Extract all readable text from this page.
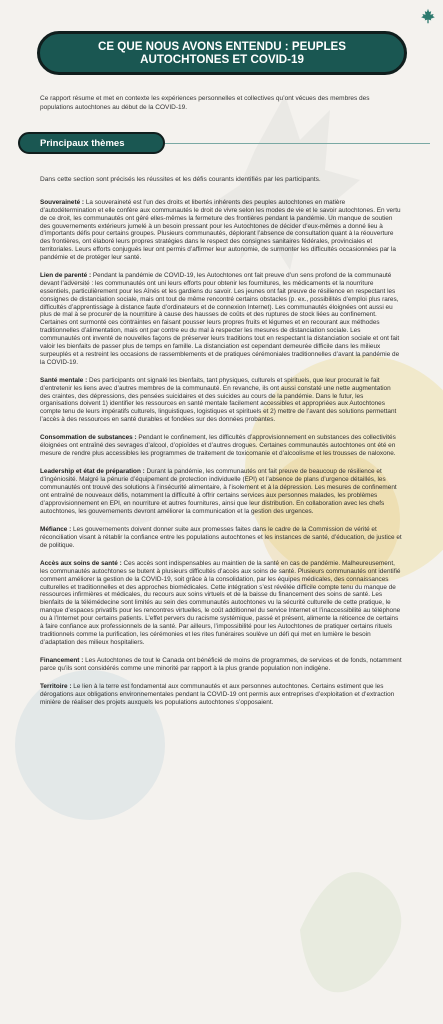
CE QUE NOUS AVONS ENTENDU : PEUPLES
AUTOCHTONES ET COVID-19
Ce rapport résume et met en contexte les expériences personnelles et collectives qu’ont vécues des membres des populations autochtones au début de la COVID-19.
Principaux thèmes
Dans cette section sont précisés les réussites et les défis courants identifiés par les participants.

Souveraineté : La souveraineté est l’un des droits et libertés inhérents des peuples autochtones en matière d’autodétermination et elle confère aux communautés le droit de vivre selon les modes de vie et le savoir autochtones. En vertu de ce droit, les communautés ont géré elles-mêmes la fermeture des frontières pendant la pandémie. Un manque de soutien des gouvernements extérieurs jumelé à un besoin pressant pour les Autochtones de décider d’eux-mêmes a donné lieu à d’importants défis pour certains groupes. Plusieurs communautés, déplorant l’absence de consultation quant à la réouverture des frontières, ont élaboré leurs propres stratégies dans le respect des consignes sanitaires fédérales, provinciales et territoriales. Leurs efforts conjugués leur ont permis d’affirmer leur autonomie, de surmonter les difficultés occasionnées par la pandémie et de protéger leur santé.

Lien de parenté : Pendant la pandémie de COVID-19, les Autochtones ont fait preuve d’un sens profond de la communauté devant l’adversité : les communautés ont uni leurs efforts pour obtenir les fournitures, les médicaments et la nourriture essentiels, particulièrement pour les Aînés et les gardiens du savoir. Les jeunes ont fait preuve de résilience en respectant les consignes de distanciation sociale, mais ont tout de même rencontré certains obstacles (p. ex., possibilités d’emploi plus rares, difficultés d’apprentissage à distance faute d’ordinateurs et de connexion Internet). Les communautés éloignées ont aussi eu plus de mal à se procurer de la nourriture à cause des hausses de coûts et des ruptures de stock liées au confinement. Certaines ont surmonté ces contraintes en faisant pousser leurs propres fruits et légumes et en recourant aux méthodes traditionnelles d’alimentation, mais ont par contre eu du mal à respecter les mesures de distanciation sociale. Les communautés ont inventé de nouvelles façons de préserver leurs traditions tout en respectant la distanciation sociale et ont fait valoir les bienfaits de passer plus de temps en famille. La distanciation est cependant demeurée difficile dans les milieux surpeuplés et a restreint les occasions de rassemblements et de pratiques cérémoniales traditionnelles d’avant la pandémie de la COVID-19.

Santé mentale : Des participants ont signalé les bienfaits, tant physiques, culturels et spirituels, que leur procurait le fait d’entretenir les liens avec d’autres membres de la communauté. En revanche, ils ont aussi constaté une nette augmentation des craintes, des dépressions, des pensées suicidaires et des suicides au cours de la pandémie. Dans le futur, les organisations doivent 1) identifier les ressources en santé mentale facilement accessibles et appropriées aux Autochtones compte tenu de leurs impératifs culturels, linguistiques, logistiques et spirituels et 2) mettre de l’avant des solutions permettant l’accès à des ressources en santé durables et fondées sur des données probantes.

Consommation de substances : Pendant le confinement, les difficultés d’approvisionnement en substances des collectivités éloignées ont entraîné des sevrages d’alcool, d’opioïdes et d’autres drogues. Certaines communautés autochtones ont été en mesure de rendre plus accessibles les programmes de traitement de toxicomanie et d’alcoolisme et les trousses de naloxone.

Leadership et état de préparation : Durant la pandémie, les communautés ont fait preuve de beaucoup de résilience et d’ingéniosité. Malgré la pénurie d’équipement de protection individuelle (EPI) et l’absence de plans d’urgence détaillés, les communautés ont trouvé des solutions à l’insécurité alimentaire, à l’isolement et à la dépression. Les mesures de confinement ont entraîné de nouveaux défis, notamment la difficulté à offrir certains services aux personnes malades, les problèmes d’approvisionnement en EPI, en nourriture et autres fournitures, ainsi que leur distribution. En collaboration avec les chefs autochtones, les gouvernements devront améliorer la communication et la gestion des urgences.

Méfiance : Les gouvernements doivent donner suite aux promesses faites dans le cadre de la Commission de vérité et réconciliation visant à rétablir la confiance entre les populations autochtones et les instances de santé, d’éducation, de justice et de politique.

Accès aux soins de santé : Ces accès sont indispensables au maintien de la santé en cas de pandémie. Malheureusement, les communautés autochtones se butent à plusieurs difficultés d’accès aux soins de santé. Plusieurs communautés ont identifié comment améliorer la gestion de la COVID-19, soit grâce à la consolidation, par les équipes médicales, des connaissances culturelles et traditionnelles et des approches biomédicales. Cette intégration s’est révélée difficile compte tenu du manque de ressources infirmières et médicales, du recours aux soins virtuels et de la baisse du financement des soins de santé. Les bienfaits de la télémédecine sont limités au sein des communautés autochtones vu la sécurité culturelle de cette pratique, le manque d’espaces privatifs pour les rencontres virtuelles, le coût additionnel du service Internet et l’inaccessibilité au téléphone ou à l’Internet pour certains patients. L’effet pervers du racisme systémique, passé et présent, alimente la réticence de certains à faire confiance aux professionnels de la santé. Par ailleurs, l’impossibilité pour les Autochtones de pratiquer certains rituels traditionnels comme la purification, les cérémonies et les rites funéraires soulève un défi qui met en lumière le besoin d’adaptation des milieux hospitaliers.

Financement : Les Autochtones de tout le Canada ont bénéficié de moins de programmes, de services et de fonds, notamment parce qu’ils sont considérés comme une minorité par rapport à la plus grande population non indigène.

Territoire : Le lien à la terre est fondamental aux communautés et aux personnes autochtones. Certains estiment que les dérogations aux obligations environnementales pendant la COVID-19 ont permis aux entreprises d’exploitation et d’extraction minière de réaliser des projets auxquels les populations autochtones s’opposaient.
